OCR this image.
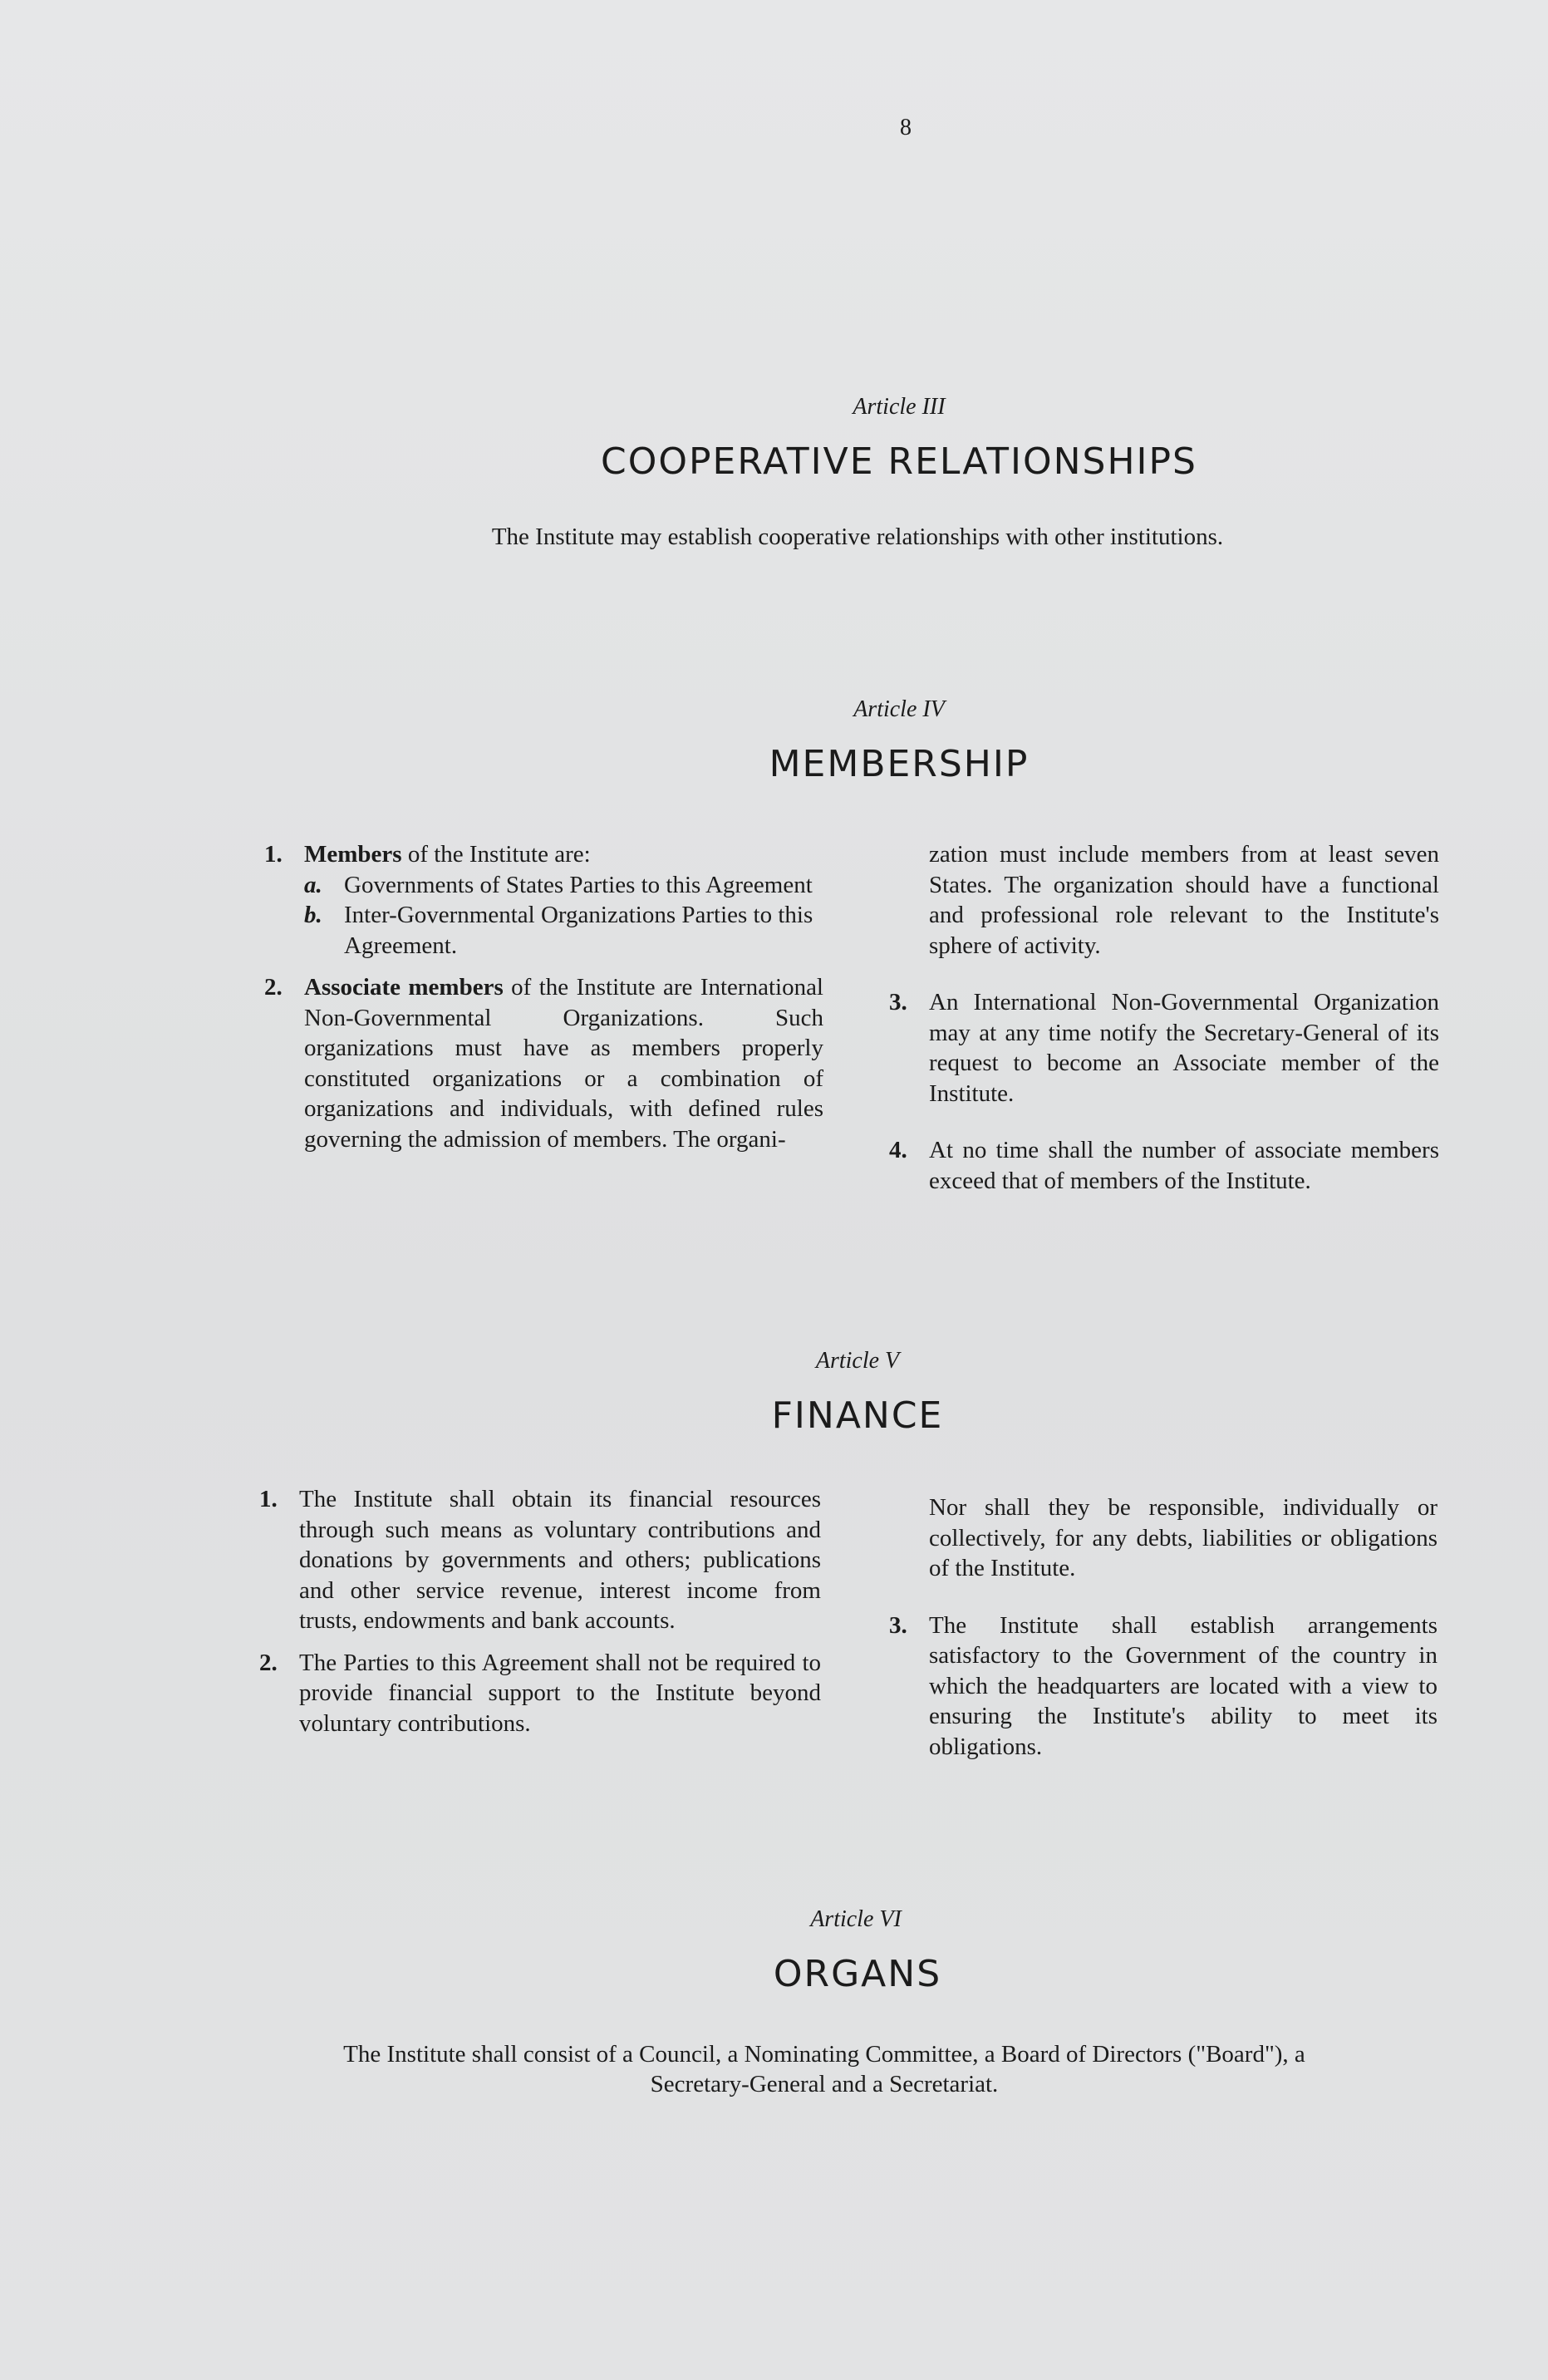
8
Article III
COOPERATIVE RELATIONSHIPS
The Institute may establish cooperative relationships with other institutions.
Article IV
MEMBERSHIP

1. Members of the Institute are:

a. Governments of States Parties to this Agreement

b. Inter-Governmental Organizations Parties to this Agreement.

2. Associate members of the Institute are International Non-Governmental Organizations. Such organizations must have as members properly constituted organizations or a combination of organizations and individuals, with defined rules governing the admission of members. The organi-

zation must include members from at least seven States. The organization should have a functional and professional role relevant to the Institute's sphere of activity.

3. An International Non-Governmental Organization may at any time notify the Secretary-General of its request to become an Associate member of the Institute.

4. At no time shall the number of associate members exceed that of members of the Institute.

Article V
FINANCE

1. The Institute shall obtain its financial resources through such means as voluntary contributions and donations by governments and others; publications and other service revenue, interest income from trusts, endowments and bank accounts.

2. The Parties to this Agreement shall not be required to provide financial support to the Institute beyond voluntary contributions.

Nor shall they be responsible, individually or collectively, for any debts, liabilities or obligations of the Institute.

3. The Institute shall establish arrangements satisfactory to the Government of the country in which the headquarters are located with a view to ensuring the Institute's ability to meet its obligations.

Article VI
ORGANS
The Institute shall consist of a Council, a Nominating Committee, a Board of Directors ("Board"), a Secretary-General and a Secretariat.
